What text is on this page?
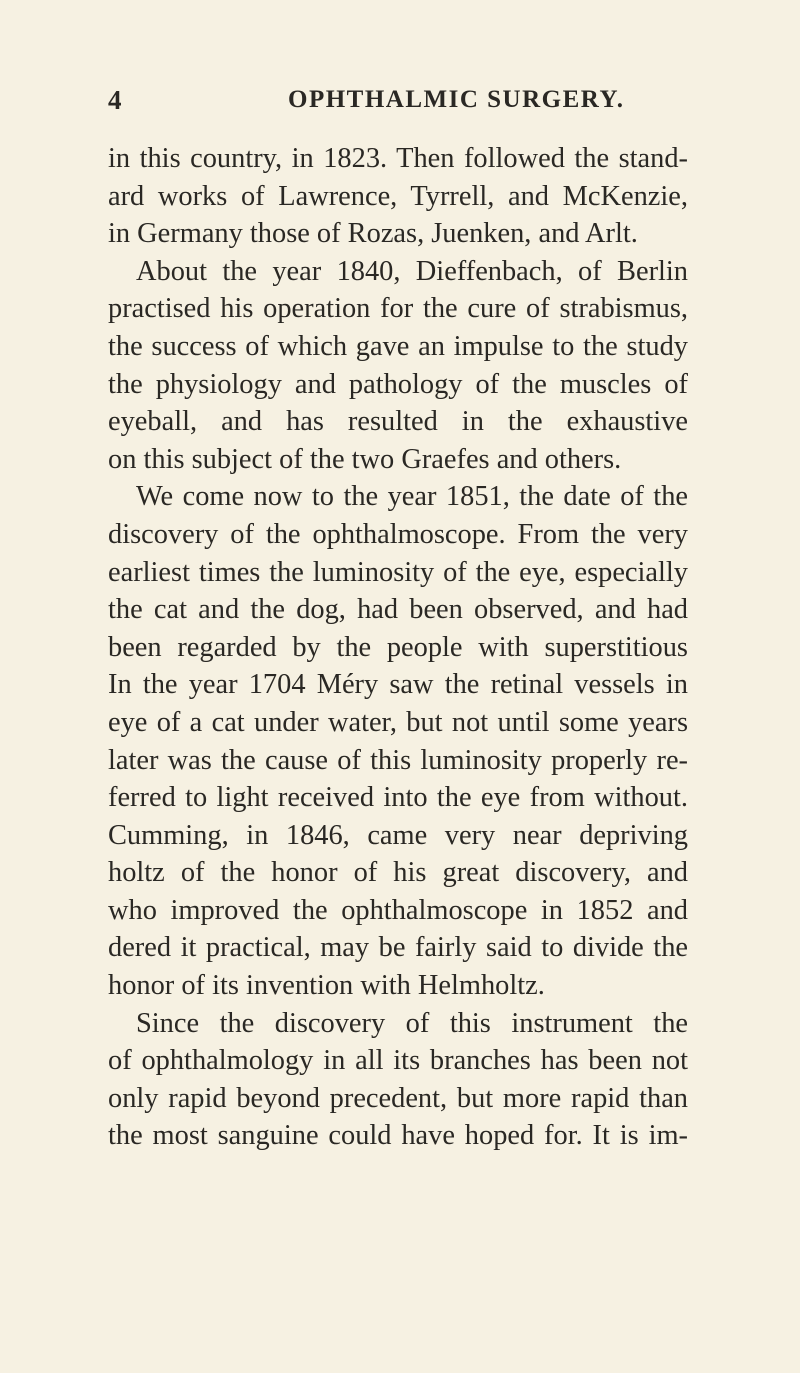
4	OPHTHALMIC SURGERY.
in this country, in 1823. Then followed the stand-
ard works of Lawrence, Tyrrell, and McKenzie,
in Germany those of Rozas, Juenken, and Arlt.
About the year 1840, Dieffenbach, of Berlin
practised his operation for the cure of strabismus,
the success of which gave an impulse to the study
the physiology and pathology of the muscles of
eyeball, and has resulted in the exhaustive
on this subject of the two Graefes and others.
We come now to the year 1851, the date of the
discovery of the ophthalmoscope. From the very
earliest times the luminosity of the eye, especially
the cat and the dog, had been observed, and had
been regarded by the people with superstitious
In the year 1704 Méry saw the retinal vessels in
eye of a cat under water, but not until some years
later was the cause of this luminosity properly re-
ferred to light received into the eye from without.
Cumming, in 1846, came very near depriving
holtz of the honor of his great discovery, and
who improved the ophthalmoscope in 1852 and
dered it practical, may be fairly said to divide the
honor of its invention with Helmholtz.
Since the discovery of this instrument the
of ophthalmology in all its branches has been not
only rapid beyond precedent, but more rapid than
the most sanguine could have hoped for. It is im-
